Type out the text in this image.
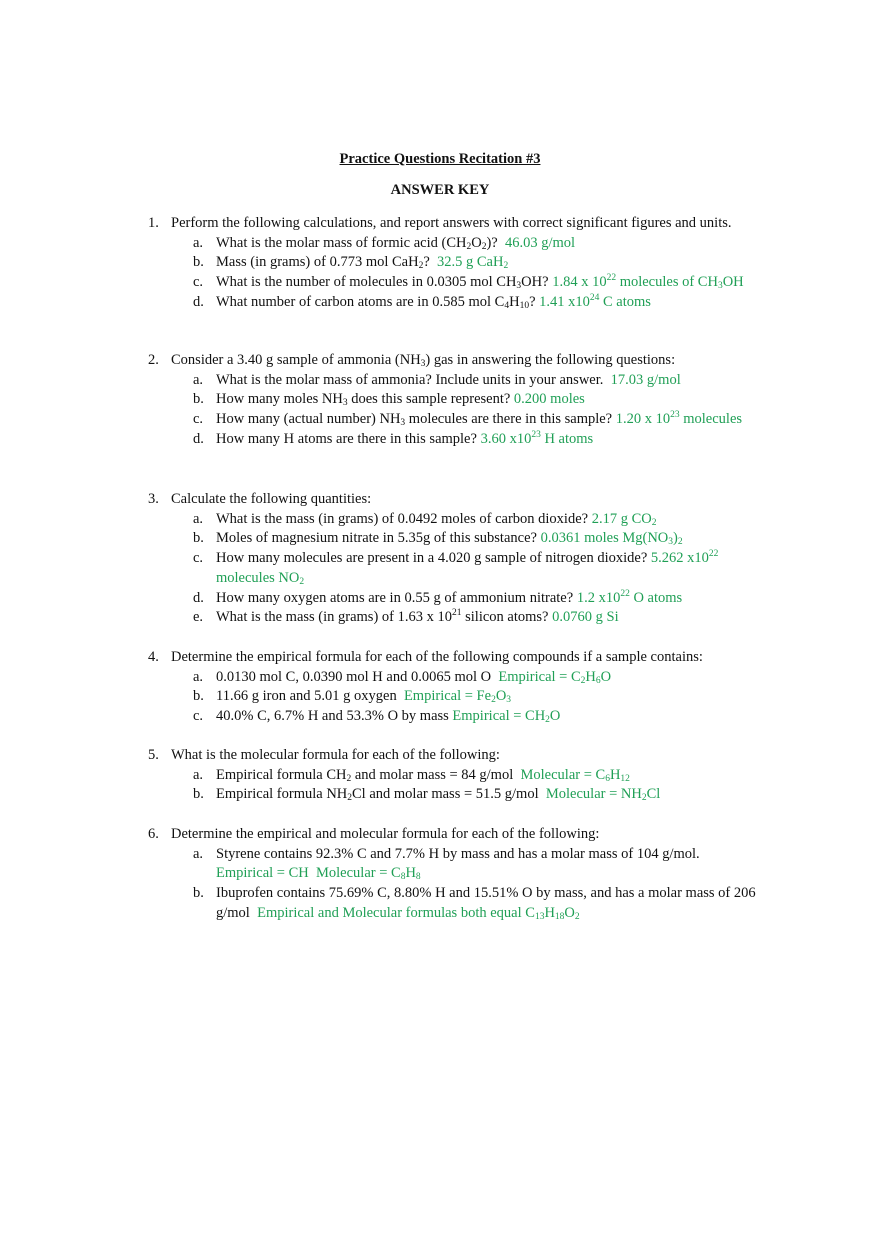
Practice Questions Recitation #3
ANSWER KEY
1. Perform the following calculations, and report answers with correct significant figures and units.
a. What is the molar mass of formic acid $(CH_2O_2)$? 46.03 g/mol
b. Mass (in grams) of 0.773 mol CaH$_2$? 32.5 g CaH$_2$
c. What is the number of molecules in 0.0305 mol $CH_3OH$? 1.84 x $10^{22}$ molecules of $CH_3OH$
d. What number of carbon atoms are in 0.585 mol $C_4H_{10}$? 1.41 $x10^{24}$ C atoms
2. Consider a 3.40 g sample of ammonia $(NH_3)$ gas in answering the following questions:
a. What is the molar mass of ammonia? Include units in your answer. 17.03 g/mol
b. How many moles $NH_3$ does this sample represent? 0.200 moles
c. How many (actual number) $NH_3$ molecules are there in this sample? 1.20 x $10^{23}$ molecules
d. How many H atoms are there in this sample? 3.60 $x10^{23}$ H atoms
3. Calculate the following quantities:
a. What is the mass (in grams) of 0.0492 moles of carbon dioxide? 2.17 g $CO_2$
b. Moles of magnesium nitrate in 5.35g of this substance? 0.0361 moles $Mg(NO_3)_2$
c. How many molecules are present in a 4.020 g sample of nitrogen dioxide? 5.262 $x10^{22}$ molecules $NO_2$
d. How many oxygen atoms are in 0.55 g of ammonium nitrate? 1.2 $x10^{22}$ O atoms
e. What is the mass (in grams) of 1.63 x $10^{21}$ silicon atoms? 0.0760 g Si
4. Determine the empirical formula for each of the following compounds if a sample contains:
a. 0.0130 mol C, 0.0390 mol H and 0.0065 mol O Empirical = $C_2H_6O$
b. 11.66 g iron and 5.01 g oxygen Empirical = $Fe_2O_3$
c. 40.0% C, 6.7% H and 53.3% O by mass Empirical = $CH_2O$
5. What is the molecular formula for each of the following:
a. Empirical formula $CH_2$ and molar mass = 84 g/mol Molecular = $C_6H_{12}$
b. Empirical formula $NH_2Cl$ and molar mass = 51.5 g/mol Molecular = $NH_2Cl$
6. Determine the empirical and molecular formula for each of the following:
a. Styrene contains 92.3% C and 7.7% H by mass and has a molar mass of 104 g/mol.
Empirical = CH Molecular = $C_8H_8$
b. Ibuprofen contains 75.69% C, 8.80% H and 15.51% O by mass, and has a molar mass of 206 g/mol Empirical and Molecular formulas both equal $C_{13}H_{18}O_2$
